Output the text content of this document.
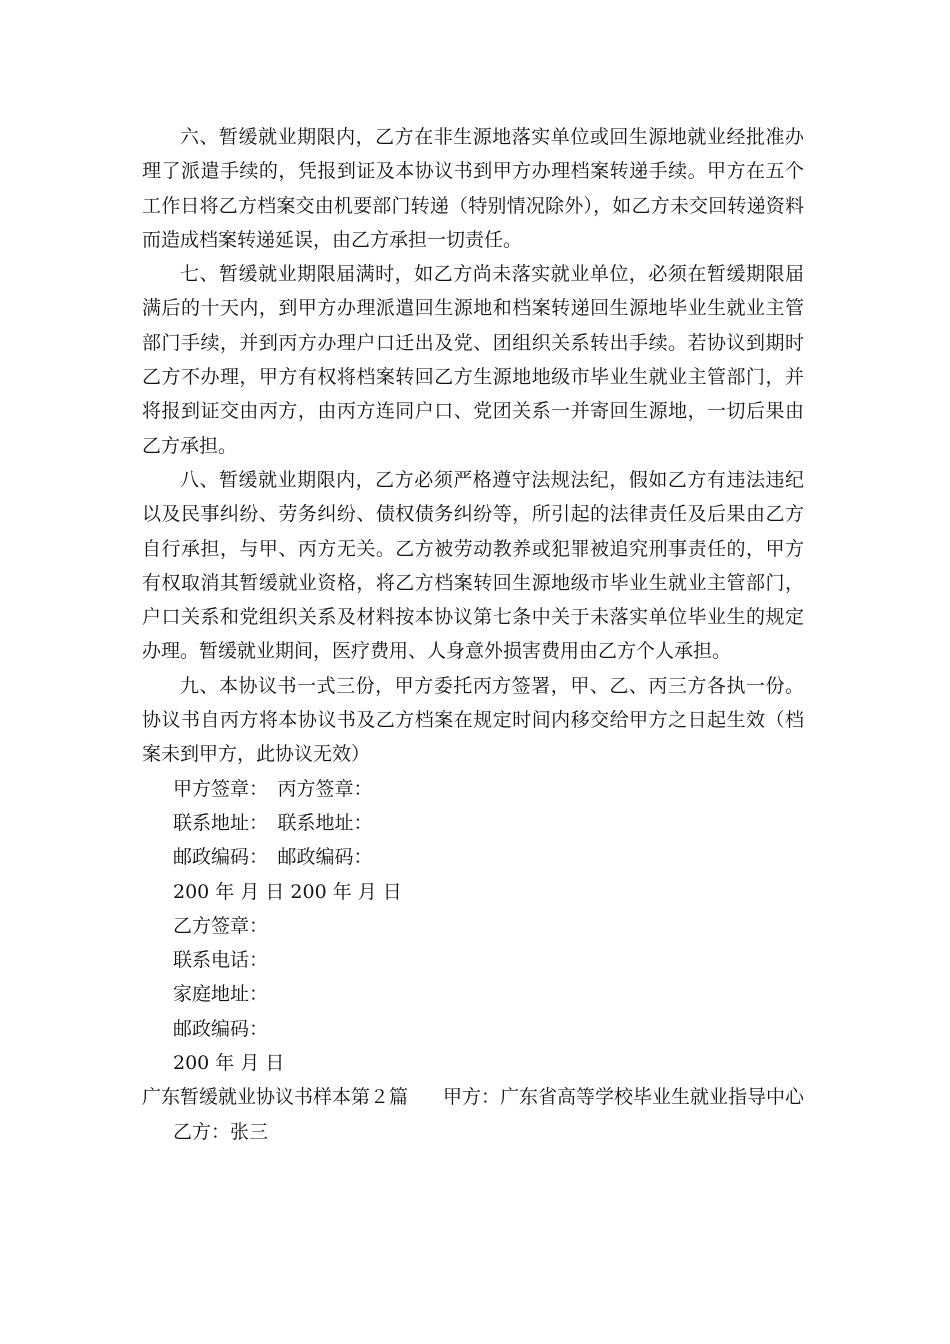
六、暂缓就业期限内，乙方在非生源地落实单位或回生源地就业经批准办理了派遣手续的，凭报到证及本协议书到甲方办理档案转递手续。甲方在五个工作日将乙方档案交由机要部门转递（特别情况除外），如乙方未交回转递资料而造成档案转递延误，由乙方承担一切责任。

七、暂缓就业期限届满时，如乙方尚未落实就业单位，必须在暂缓期限届满后的十天内，到甲方办理派遣回生源地和档案转递回生源地毕业生就业主管部门手续，并到丙方办理户口迁出及党、团组织关系转出手续。若协议到期时乙方不办理，甲方有权将档案转回乙方生源地地级市毕业生就业主管部门，并将报到证交由丙方，由丙方连同户口、党团关系一并寄回生源地，一切后果由乙方承担。

八、暂缓就业期限内，乙方必须严格遵守法规法纪，假如乙方有违法违纪以及民事纠纷、劳务纠纷、债权债务纠纷等，所引起的法律责任及后果由乙方自行承担，与甲、丙方无关。乙方被劳动教养或犯罪被追究刑事责任的，甲方有权取消其暂缓就业资格，将乙方档案转回生源地级市毕业生就业主管部门，户口关系和党组织关系及材料按本协议第七条中关于未落实单位毕业生的规定办理。暂缓就业期间，医疗费用、人身意外损害费用由乙方个人承担。

九、本协议书一式三份，甲方委托丙方签署，甲、乙、丙三方各执一份。协议书自丙方将本协议书及乙方档案在规定时间内移交给甲方之日起生效（档案未到甲方，此协议无效）

甲方签章：　丙方签章：

联系地址：　联系地址：

邮政编码：　邮政编码：

200 年 月 日 200 年 月 日

乙方签章：

联系电话：

家庭地址：

邮政编码：

200 年 月 日

广东暂缓就业协议书样本第２篇 甲方：广东省高等学校毕业生就业指导中心

乙方：张三
